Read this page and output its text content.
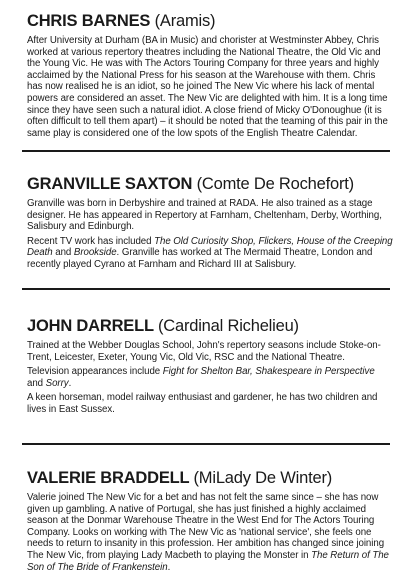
CHRIS BARNES (Aramis)

After University at Durham (BA in Music) and chorister at Westminster Abbey, Chris worked at various repertory theatres including the National Theatre, the Old Vic and the Young Vic. He was with The Actors Touring Company for three years and highly acclaimed by the National Press for his season at the Warehouse with them. Chris has now realised he is an idiot, so he joined The New Vic where his lack of mental powers are considered an asset. The New Vic are delighted with him. It is a long time since they have seen such a natural idiot. A close friend of Micky O'Donoughue (it is often difficult to tell them apart) – it should be noted that the teaming of this pair in the same play is considered one of the low spots of the English Theatre Calendar.

GRANVILLE SAXTON (Comte De Rochefort)

Granville was born in Derbyshire and trained at RADA. He also trained as a stage designer. He has appeared in Repertory at Farnham, Cheltenham, Derby, Worthing, Salisbury and Edinburgh.

Recent TV work has included The Old Curiosity Shop, Flickers, House of the Creeping Death and Brookside. Granville has worked at The Mermaid Theatre, London and recently played Cyrano at Farnham and Richard III at Salisbury.

JOHN DARRELL (Cardinal Richelieu)

Trained at the Webber Douglas School, John's repertory seasons include Stoke-on-Trent, Leicester, Exeter, Young Vic, Old Vic, RSC and the National Theatre.

Television appearances include Fight for Shelton Bar, Shakespeare in Perspective and Sorry.

A keen horseman, model railway enthusiast and gardener, he has two children and lives in East Sussex.

VALERIE BRADDELL (MiLady De Winter)

Valerie joined The New Vic for a bet and has not felt the same since – she has now given up gambling. A native of Portugal, she has just finished a highly acclaimed season at the Donmar Warehouse Theatre in the West End for The Actors Touring Company. Looks on working with The New Vic as 'national service', she feels one needs to return to insanity in this profession. Her ambition has changed since joining The New Vic, from playing Lady Macbeth to playing the Monster in The Return of The Son of The Bride of Frankenstein.
